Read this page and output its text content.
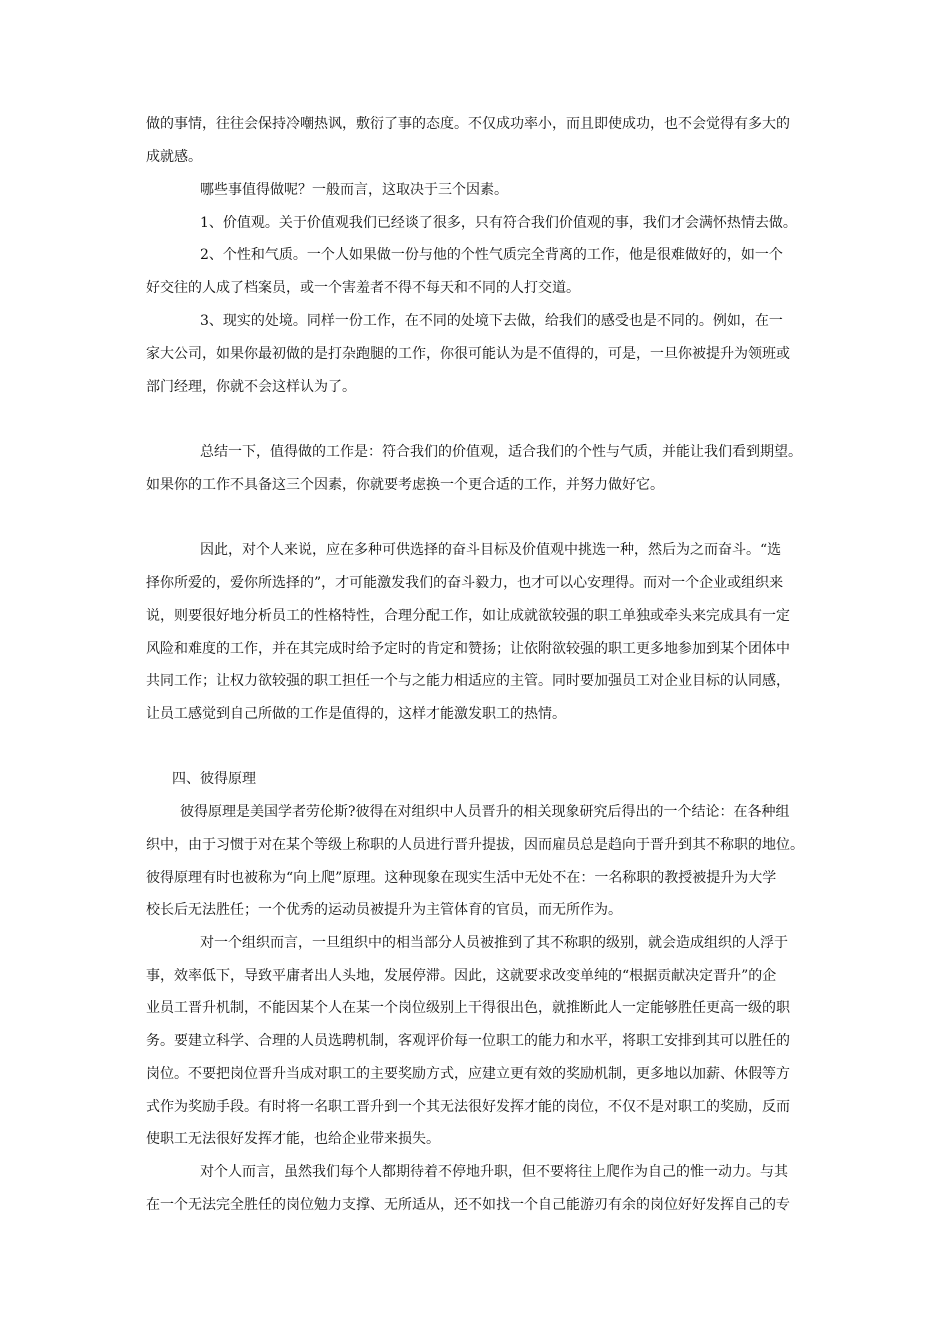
做的事情，往往会保持冷嘲热讽，敷衍了事的态度。不仅成功率小，而且即使成功，也不会觉得有多大的
成就感。
哪些事值得做呢？一般而言，这取决于三个因素。
1、价值观。关于价值观我们已经谈了很多，只有符合我们价值观的事，我们才会满怀热情去做。
2、个性和气质。一个人如果做一份与他的个性气质完全背离的工作，他是很难做好的，如一个
好交往的人成了档案员，或一个害羞者不得不每天和不同的人打交道。
3、现实的处境。同样一份工作，在不同的处境下去做，给我们的感受也是不同的。例如，在一
家大公司，如果你最初做的是打杂跑腿的工作，你很可能认为是不值得的，可是，一旦你被提升为领班或
部门经理，你就不会这样认为了。
总结一下，值得做的工作是：符合我们的价值观，适合我们的个性与气质，并能让我们看到期望。
如果你的工作不具备这三个因素，你就要考虑换一个更合适的工作，并努力做好它。
因此，对个人来说，应在多种可供选择的奋斗目标及价值观中挑选一种，然后为之而奋斗。“选
择你所爱的，爱你所选择的”，才可能激发我们的奋斗毅力，也才可以心安理得。而对一个企业或组织来
说，则要很好地分析员工的性格特性，合理分配工作，如让成就欲较强的职工单独或牵头来完成具有一定
风险和难度的工作，并在其完成时给予定时的肯定和赞扬；让依附欲较强的职工更多地参加到某个团体中
共同工作；让权力欲较强的职工担任一个与之能力相适应的主管。同时要加强员工对企业目标的认同感，
让员工感觉到自己所做的工作是值得的，这样才能激发职工的热情。
四、彼得原理
彼得原理是美国学者劳伦斯?彼得在对组织中人员晋升的相关现象研究后得出的一个结论：在各种组
织中，由于习惯于对在某个等级上称职的人员进行晋升提拔，因而雇员总是趋向于晋升到其不称职的地位。
彼得原理有时也被称为“向上爬”原理。这种现象在现实生活中无处不在：一名称职的教授被提升为大学
校长后无法胜任；一个优秀的运动员被提升为主管体育的官员，而无所作为。
对一个组织而言，一旦组织中的相当部分人员被推到了其不称职的级别，就会造成组织的人浮于
事，效率低下，导致平庸者出人头地，发展停滞。因此，这就要求改变单纯的“根据贡献决定晋升”的企
业员工晋升机制，不能因某个人在某一个岗位级别上干得很出色，就推断此人一定能够胜任更高一级的职
务。要建立科学、合理的人员选聘机制，客观评价每一位职工的能力和水平，将职工安排到其可以胜任的
岗位。不要把岗位晋升当成对职工的主要奖励方式，应建立更有效的奖励机制，更多地以加薪、休假等方
式作为奖励手段。有时将一名职工晋升到一个其无法很好发挥才能的岗位，不仅不是对职工的奖励，反而
使职工无法很好发挥才能，也给企业带来损失。
对个人而言，虽然我们每个人都期待着不停地升职，但不要将往上爬作为自己的惟一动力。与其
在一个无法完全胜任的岗位勉力支撑、无所适从，还不如找一个自己能游刃有余的岗位好好发挥自己的专
